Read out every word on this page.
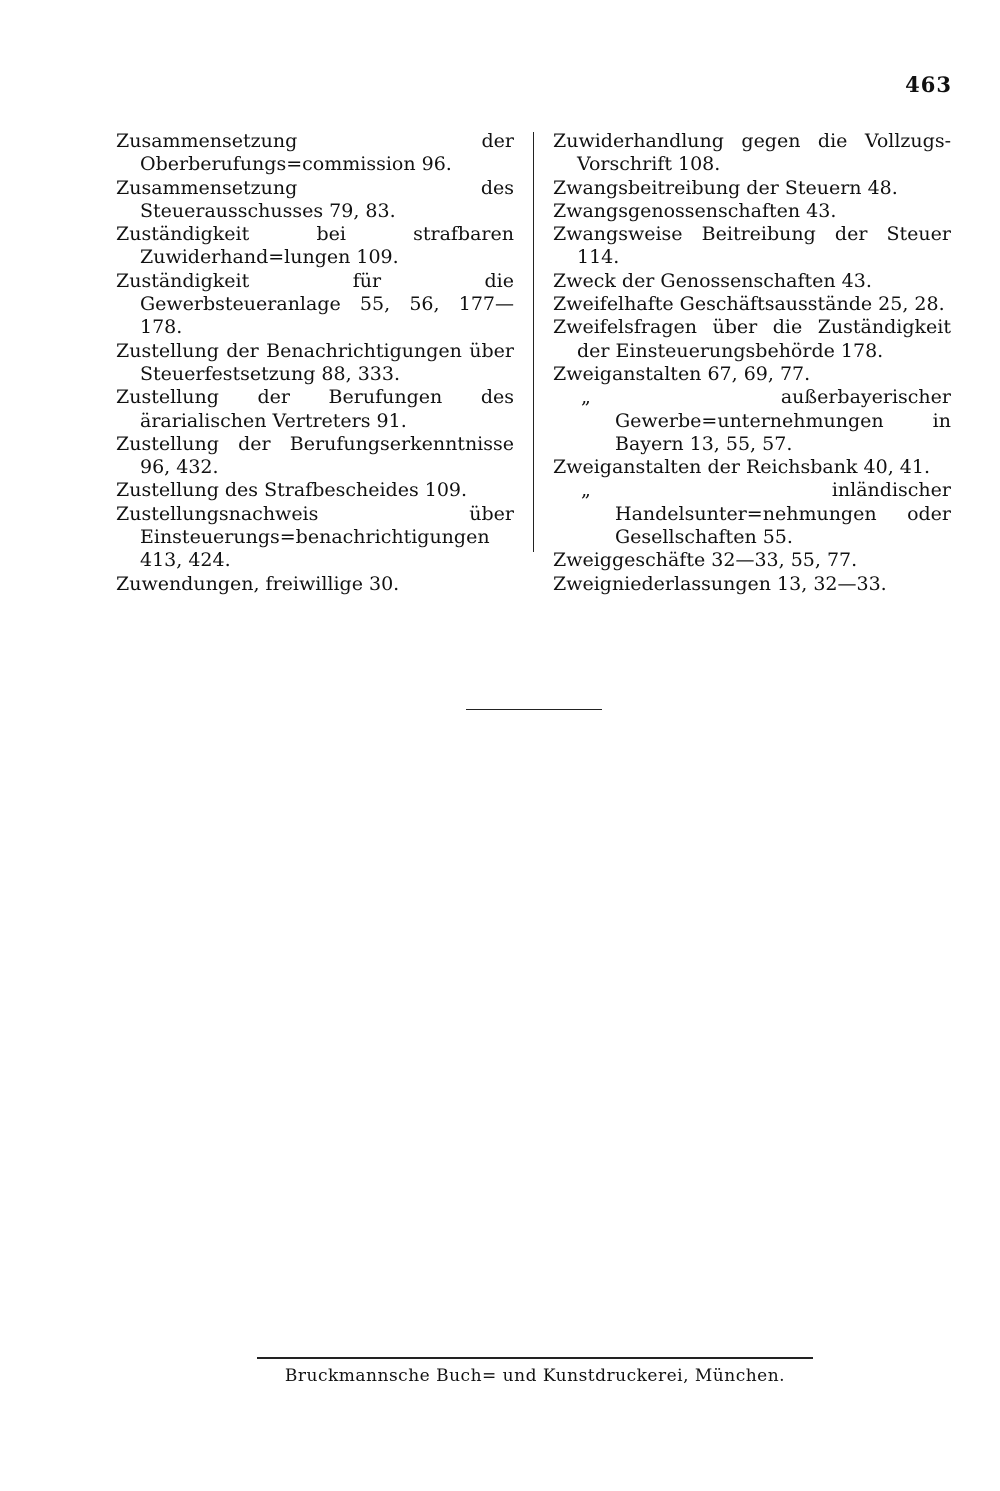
463

Zusammensetzung der Oberberufungs=commission 96.

Zusammensetzung des Steuerausschusses 79, 83.

Zuständigkeit bei strafbaren Zuwiderhand=lungen 109.

Zuständigkeit für die Gewerbsteueranlage 55, 56, 177—178.

Zustellung der Benachrichtigungen über Steuerfestsetzung 88, 333.

Zustellung der Berufungen des ärarialischen Vertreters 91.

Zustellung der Berufungserkenntnisse 96, 432.

Zustellung des Strafbescheides 109.

Zustellungsnachweis über Einsteuerungs=benachrichtigungen 413, 424.

Zuwendungen, freiwillige 30.

Zuwiderhandlung gegen die Vollzugs-Vorschrift 108.

Zwangsbeitreibung der Steuern 48.

Zwangsgenossenschaften 43.

Zwangsweise Beitreibung der Steuer 114.

Zweck der Genossenschaften 43.

Zweifelhafte Geschäftsausstände 25, 28.

Zweifelsfragen über die Zuständigkeit der Einsteuerungsbehörde 178.

Zweiganstalten 67, 69, 77.

„ außerbayerischer Gewerbe=unternehmungen in Bayern 13, 55, 57.

Zweiganstalten der Reichsbank 40, 41.

„ inländischer Handelsunter=nehmungen oder Gesellschaften 55.

Zweiggeschäfte 32—33, 55, 77.

Zweigniederlassungen 13, 32—33.

Bruckmannsche Buch= und Kunstdruckerei, München.
